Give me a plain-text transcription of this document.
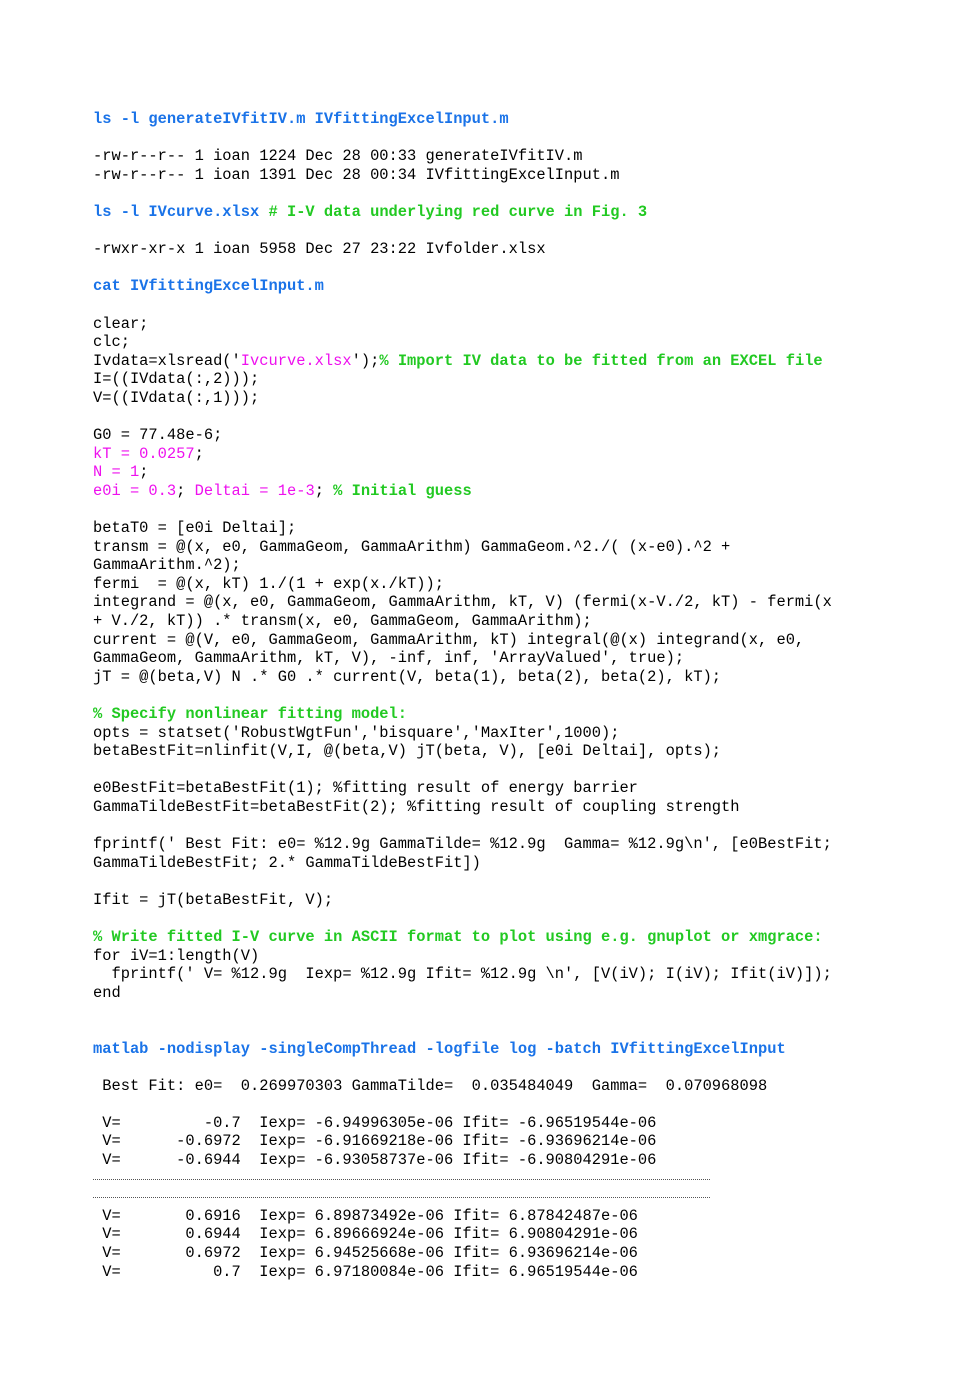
ls -l generateIVfitIV.m IVfittingExcelInput.m
-rw-r--r-- 1 ioan 1224 Dec 28 00:33 generateIVfitIV.m
-rw-r--r-- 1 ioan 1391 Dec 28 00:34 IVfittingExcelInput.m
ls -l IVcurve.xlsx # I-V data underlying red curve in Fig. 3
-rwxr-xr-x 1 ioan 5958 Dec 27 23:22 Ivfolder.xlsx
cat IVfittingExcelInput.m
clear;
clc;
Ivdata=xlsread('Ivcurve.xlsx');% Import IV data to be fitted from an EXCEL file
I=((IVdata(:,2)));
V=((IVdata(:,1)));
G0 = 77.48e-6;
kT = 0.0257;
N = 1;
e0i = 0.3; Deltai = 1e-3; % Initial guess
betaT0 = [e0i Deltai];
transm = @(x, e0, GammaGeom, GammaArithm) GammaGeom.^2./( (x-e0).^2 +
GammaArithm.^2);
fermi  = @(x, kT) 1./(1 + exp(x./kT));
integrand = @(x, e0, GammaGeom, GammaArithm, kT, V) (fermi(x-V./2, kT) - fermi(x
+ V./2, kT)) .* transm(x, e0, GammaGeom, GammaArithm);
current = @(V, e0, GammaGeom, GammaArithm, kT) integral(@(x) integrand(x, e0,
GammaGeom, GammaArithm, kT, V), -inf, inf, 'ArrayValued', true);
jT = @(beta,V) N .* G0 .* current(V, beta(1), beta(2), beta(2), kT);
% Specify nonlinear fitting model:
opts = statset('RobustWgtFun','bisquare','MaxIter',1000);
betaBestFit=nlinfit(V,I, @(beta,V) jT(beta, V), [e0i Deltai], opts);
e0BestFit=betaBestFit(1); %fitting result of energy barrier
GammaTildeBestFit=betaBestFit(2); %fitting result of coupling strength
fprintf(' Best Fit: e0= %12.9g GammaTilde= %12.9g  Gamma= %12.9g\n', [e0BestFit;
GammaTildeBestFit; 2.* GammaTildeBestFit])
Ifit = jT(betaBestFit, V);
% Write fitted I-V curve in ASCII format to plot using e.g. gnuplot or xmgrace:
for iV=1:length(V)
fprintf(' V= %12.9g  Iexp= %12.9g Ifit= %12.9g \n', [V(iV); I(iV); Ifit(iV)]);
end
matlab -nodisplay -singleCompThread -logfile log -batch IVfittingExcelInput
Best Fit: e0=  0.269970303 GammaTilde=  0.035484049  Gamma=  0.070968098
V=         -0.7  Iexp= -6.94996305e-06 Ifit= -6.96519544e-06
V=      -0.6972  Iexp= -6.91669218e-06 Ifit= -6.93696214e-06
V=      -0.6944  Iexp= -6.93058737e-06 Ifit= -6.90804291e-06
V=       0.6916  Iexp= 6.89873492e-06 Ifit= 6.87842487e-06
V=       0.6944  Iexp= 6.89666924e-06 Ifit= 6.90804291e-06
V=       0.6972  Iexp= 6.94525668e-06 Ifit= 6.93696214e-06
V=          0.7  Iexp= 6.97180084e-06 Ifit= 6.96519544e-06
